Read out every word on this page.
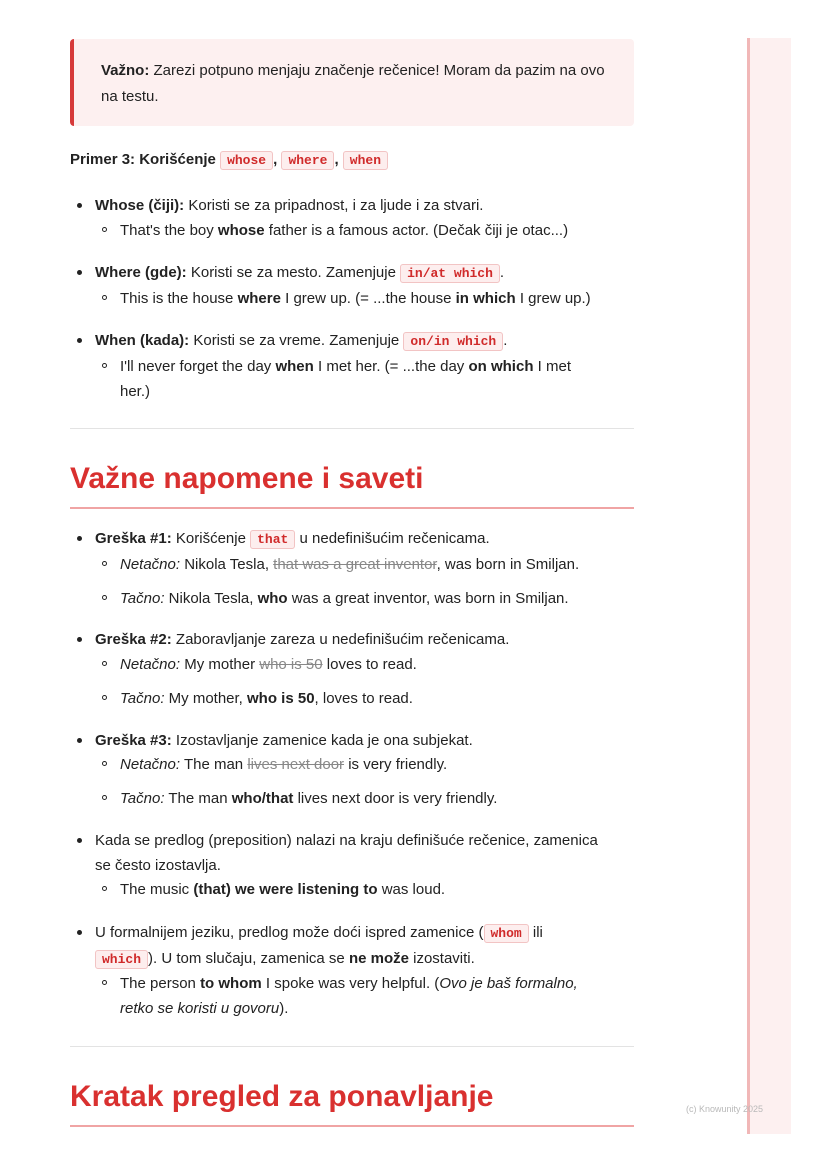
Važno: Zarezi potpuno menjaju značenje rečenice! Moram da pazim na ovo na testu.
Primer 3: Korišćenje whose , where , when
Whose (čiji): Koristi se za pripadnost, i za ljude i za stvari.
That's the boy whose father is a famous actor. (Dečak čiji je otac...)
Where (gde): Koristi se za mesto. Zamenjuje in/at which .
This is the house where I grew up. (= ...the house in which I grew up.)
When (kada): Koristi se za vreme. Zamenjuje on/in which .
I'll never forget the day when I met her. (= ...the day on which I met
her.)
Važne napomene i saveti
Greška #1: Korišćenje that u nedefinišućim rečenicama.
Netačno: Nikola Tesla, that was a great inventor, was born in Smiljan.
Tačno: Nikola Tesla, who was a great inventor, was born in Smiljan.
Greška #2: Zaboravljanje zareza u nedefinišućim rečenicama.
Netačno: My mother who is 50 loves to read.
Tačno: My mother, who is 50, loves to read.
Greška #3: Izostavljanje zamenice kada je ona subjekat.
Netačno: The man lives next door is very friendly.
Tačno: The man who/that lives next door is very friendly.
Kada se predlog (preposition) nalazi na kraju definišuće rečenice, zamenica
se često izostavlja.
The music (that) we were listening to was loud.
U formalnijem jeziku, predlog može doći ispred zamenice ( whom ili
which ). U tom slučaju, zamenica se ne može izostaviti.
The person to whom I spoke was very helpful. (Ovo je baš formalno,
retko se koristi u govoru).
Kratak pregled za ponavljanje	(c) Knowunity 2025
